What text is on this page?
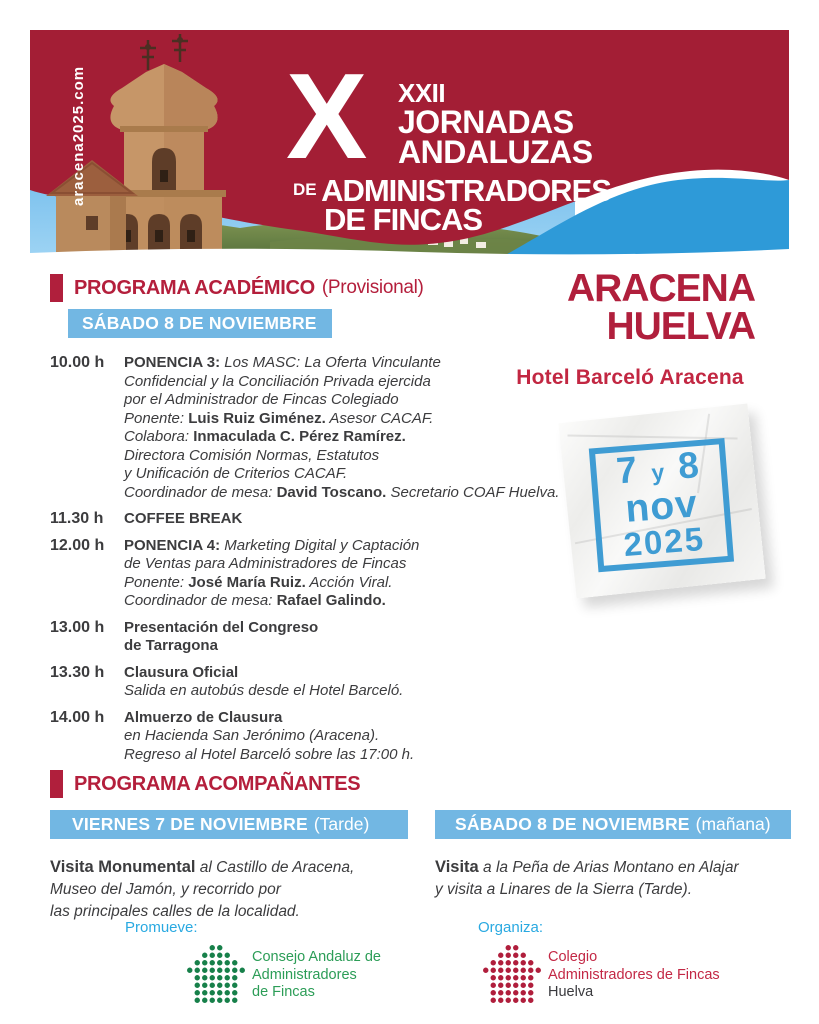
aracena2025.com X XXII
JORNADAS
ANDALUZAS
DE ADMINISTRADORES
DE FINCAS
PROGRAMA ACADÉMICO (Provisional)
SÁBADO 8 DE NOVIEMBRE
10.00 h	PONENCIA 3: Los MASC: La Oferta Vinculante
Confidencial y la Conciliación Privada ejercida
por el Administrador de Fincas Colegiado
Ponente: Luis Ruiz Giménez. Asesor CACAF.
Colabora: Inmaculada C. Pérez Ramírez.
Directora Comisión Normas, Estatutos
y Unificación de Criterios CACAF.
Coordinador de mesa: David Toscano. Secretario COAF Huelva.
11.30 h	COFFEE BREAK
12.00 h	PONENCIA 4: Marketing Digital y Captación
de Ventas para Administradores de Fincas
Ponente: José María Ruiz. Acción Viral.
Coordinador de mesa: Rafael Galindo.
13.00 h	Presentación del Congreso
de Tarragona
13.30 h	Clausura Oficial
Salida en autobús desde el Hotel Barceló.
14.00 h	Almuerzo de Clausura
en Hacienda San Jerónimo (Aracena).
Regreso al Hotel Barceló sobre las 17:00 h.
ARACENA
HUELVA
Hotel Barceló Aracena
7 y 8
nov
2025
PROGRAMA ACOMPAÑANTES
VIERNES 7 DE NOVIEMBRE (Tarde)	SÁBADO 8 DE NOVIEMBRE (mañana)
Visita Monumental al Castillo de Aracena,
Museo del Jamón, y recorrido por
las principales calles de la localidad.
Visita a la Peña de Arias Montano en Alajar
y visita a Linares de la Sierra (Tarde).
Promueve:	Organiza:
Consejo Andaluz de
Administradores
de Fincas
Colegio
Administradores de Fincas
Huelva
